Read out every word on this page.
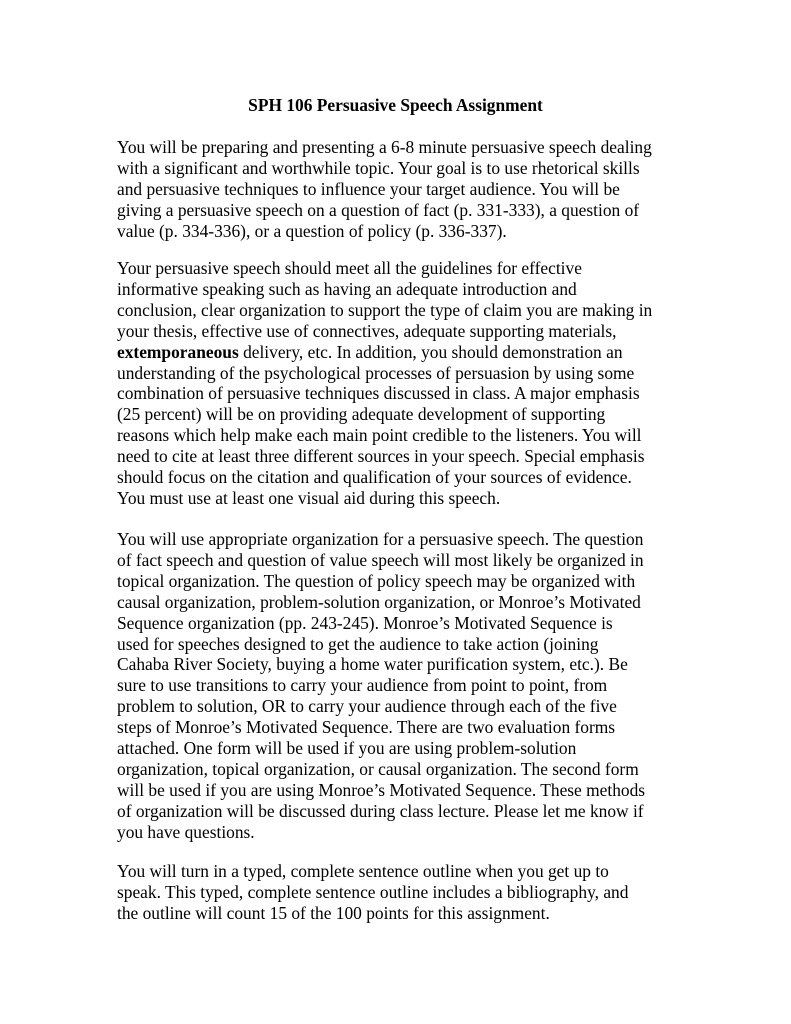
SPH 106 Persuasive Speech Assignment
You will be preparing and presenting a 6-8 minute persuasive speech dealing
with a significant and worthwhile topic. Your goal is to use rhetorical skills
and persuasive techniques to influence your target audience. You will be
giving a persuasive speech on a question of fact (p. 331-333), a question of
value (p. 334-336), or a question of policy (p. 336-337).
Your persuasive speech should meet all the guidelines for effective
informative speaking such as having an adequate introduction and
conclusion, clear organization to support the type of claim you are making in
your thesis, effective use of connectives, adequate supporting materials,
extemporaneous delivery, etc. In addition, you should demonstration an
understanding of the psychological processes of persuasion by using some
combination of persuasive techniques discussed in class. A major emphasis
(25 percent) will be on providing adequate development of supporting
reasons which help make each main point credible to the listeners. You will
need to cite at least three different sources in your speech. Special emphasis
should focus on the citation and qualification of your sources of evidence.
You must use at least one visual aid during this speech.
You will use appropriate organization for a persuasive speech. The question
of fact speech and question of value speech will most likely be organized in
topical organization. The question of policy speech may be organized with
causal organization, problem-solution organization, or Monroe’s Motivated
Sequence organization (pp. 243-245). Monroe’s Motivated Sequence is
used for speeches designed to get the audience to take action (joining
Cahaba River Society, buying a home water purification system, etc.). Be
sure to use transitions to carry your audience from point to point, from
problem to solution, OR to carry your audience through each of the five
steps of Monroe’s Motivated Sequence. There are two evaluation forms
attached. One form will be used if you are using problem-solution
organization, topical organization, or causal organization. The second form
will be used if you are using Monroe’s Motivated Sequence. These methods
of organization will be discussed during class lecture. Please let me know if
you have questions.
You will turn in a typed, complete sentence outline when you get up to
speak. This typed, complete sentence outline includes a bibliography, and
the outline will count 15 of the 100 points for this assignment.
